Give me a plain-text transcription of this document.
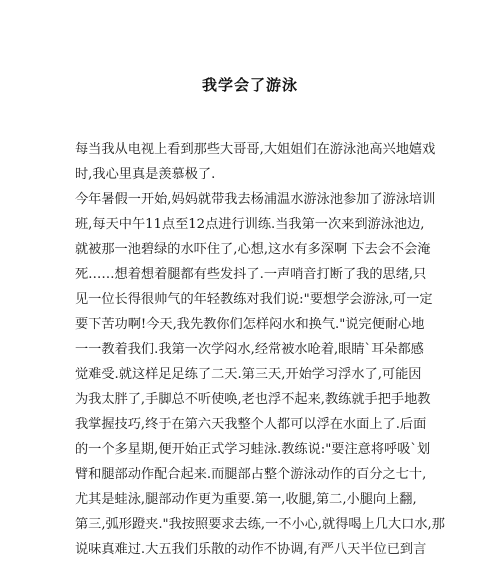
我学会了游泳
每当我从电视上看到那些大哥哥,大姐姐们在游泳池高兴地嬉戏
时,我心里真是羡慕极了.
今年暑假一开始,妈妈就带我去杨浦温水游泳池参加了游泳培训
班,每天中午11点至12点进行训练.当我第一次来到游泳池边,
就被那一池碧绿的水吓住了,心想,这水有多深啊 下去会不会淹
死……想着想着腿都有些发抖了.一声哨音打断了我的思绪,只
见一位长得很帅气的年轻教练对我们说:"要想学会游泳,可一定
要下苦功啊!今天,我先教你们怎样闷水和换气."说完便耐心地
一一教着我们.我第一次学闷水,经常被水呛着,眼睛`耳朵都感
觉难受.就这样足足练了二天.第三天,开始学习浮水了,可能因
为我太胖了,手脚总不听使唤,老也浮不起来,教练就手把手地教
我掌握技巧,终于在第六天我整个人都可以浮在水面上了.后面
的一个多星期,便开始正式学习蛙泳.教练说:"要注意将呼吸`划
臂和腿部动作配合起来.而腿部占整个游泳动作的百分之七十,
尤其是蛙泳,腿部动作更为重要.第一,收腿,第二,小腿向上翻,
第三,弧形蹬夹."我按照要求去练,一不小心,就得喝上几大口水,那
说味真难过.大五我们乐散的动作不协调,有严八天半位已到言
